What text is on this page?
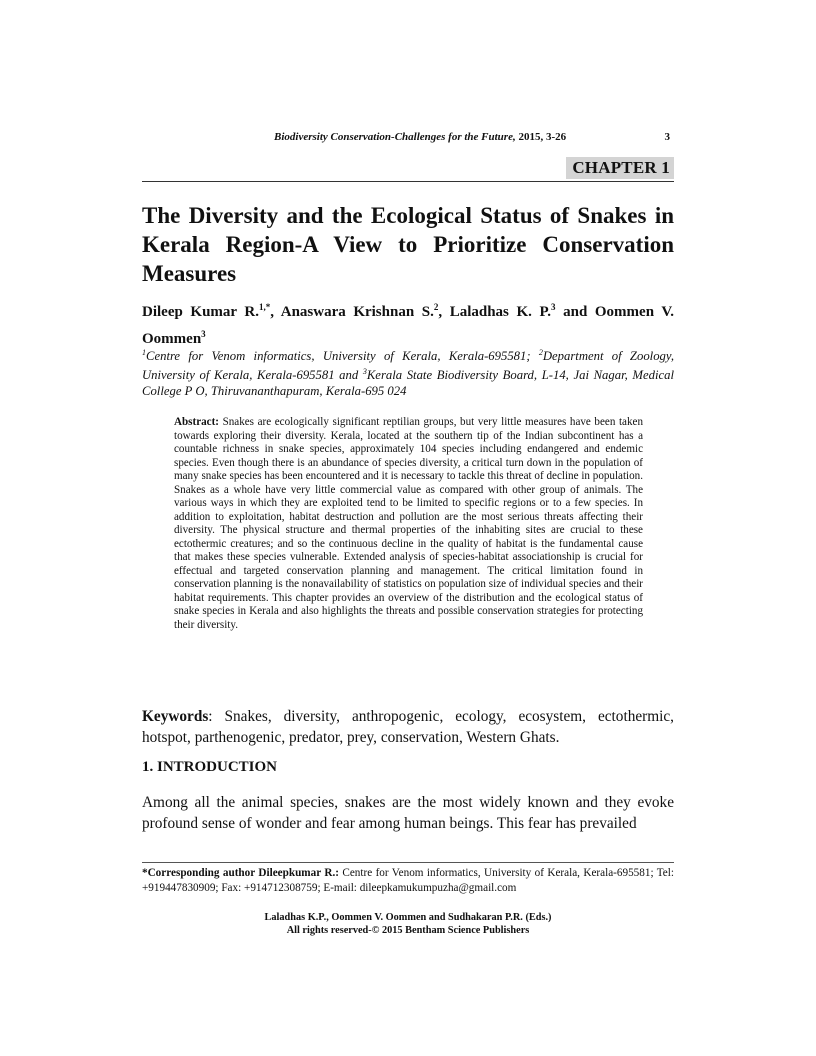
Biodiversity Conservation-Challenges for the Future, 2015, 3-26	3
CHAPTER 1
The Diversity and the Ecological Status of Snakes in Kerala Region-A View to Prioritize Conservation Measures
Dileep Kumar R.$^{1,*}$, Anaswara Krishnan S.$^2$, Laladhas K. P.$^3$ and Oommen V. Oommen$^3$
$^1$Centre for Venom informatics, University of Kerala, Kerala-695581; $^2$Department of Zoology, University of Kerala, Kerala-695581 and $^3$Kerala State Biodiversity Board, L-14, Jai Nagar, Medical College P O, Thiruvananthapuram, Kerala-695 024
Abstract: Snakes are ecologically significant reptilian groups, but very little measures have been taken towards exploring their diversity. Kerala, located at the southern tip of the Indian subcontinent has a countable richness in snake species, approximately 104 species including endangered and endemic species. Even though there is an abundance of species diversity, a critical turn down in the population of many snake species has been encountered and it is necessary to tackle this threat of decline in population. Snakes as a whole have very little commercial value as compared with other group of animals. The various ways in which they are exploited tend to be limited to specific regions or to a few species. In addition to exploitation, habitat destruction and pollution are the most serious threats affecting their diversity. The physical structure and thermal properties of the inhabiting sites are crucial to these ectothermic creatures; and so the continuous decline in the quality of habitat is the fundamental cause that makes these species vulnerable. Extended analysis of species-habitat associationship is crucial for effectual and targeted conservation planning and management. The critical limitation found in conservation planning is the nonavailability of statistics on population size of individual species and their habitat requirements. This chapter provides an overview of the distribution and the ecological status of snake species in Kerala and also highlights the threats and possible conservation strategies for protecting their diversity.
Keywords: Snakes, diversity, anthropogenic, ecology, ecosystem, ectothermic, hotspot, parthenogenic, predator, prey, conservation, Western Ghats.
1. INTRODUCTION
Among all the animal species, snakes are the most widely known and they evoke profound sense of wonder and fear among human beings. This fear has prevailed
*Corresponding author Dileepkumar R.: Centre for Venom informatics, University of Kerala, Kerala-695581; Tel: +919447830909; Fax: +914712308759; E-mail: dileepkamukumpuzha@gmail.com
Laladhas K.P., Oommen V. Oommen and Sudhakaran P.R. (Eds.)
All rights reserved-© 2015 Bentham Science Publishers
